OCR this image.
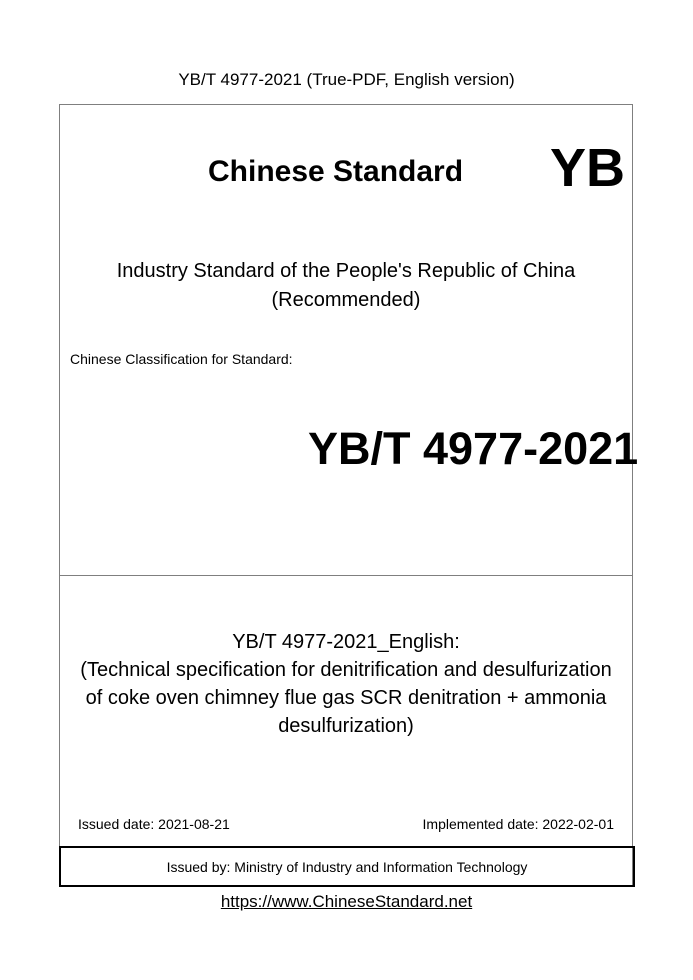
YB/T 4977-2021 (True-PDF, English version)
Chinese Standard YB
Industry Standard of the People's Republic of China
(Recommended)
Chinese Classification for Standard:
YB/T 4977-2021
YB/T 4977-2021_English:
(Technical specification for denitrification and desulfurization
of coke oven chimney flue gas SCR denitration + ammonia
desulfurization)
Issued date: 2021-08-21	Implemented date: 2022-02-01
Issued by: Ministry of Industry and Information Technology
https://www.ChineseStandard.net
